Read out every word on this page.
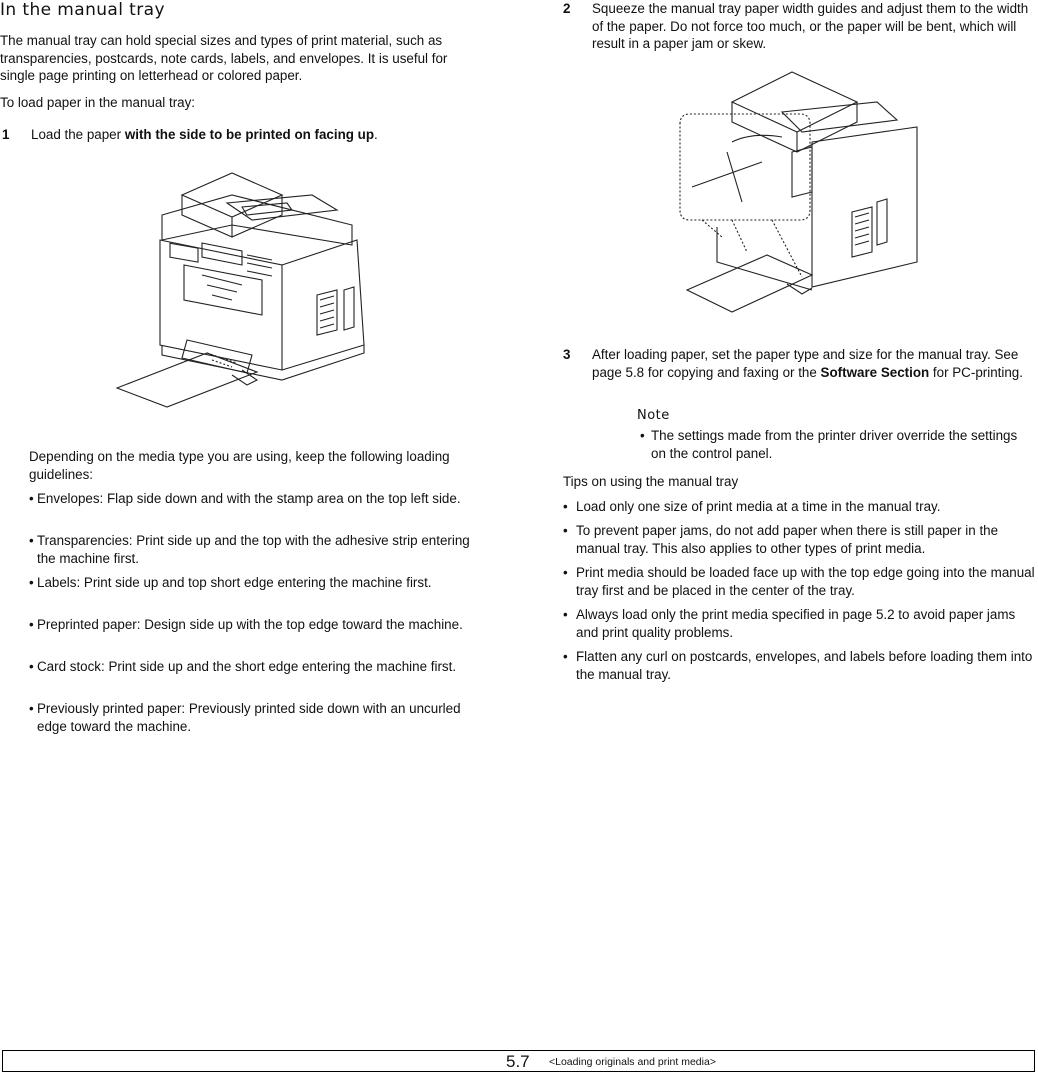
In the manual tray

The manual tray can hold special sizes and types of print material, such as transparencies, postcards, note cards, labels, and envelopes. It is useful for single page printing on letterhead or colored paper.

To load paper in the manual tray:

1 Load the paper with the side to be printed on facing up.

Depending on the media type you are using, keep the following loading guidelines:

• Envelopes: Flap side down and with the stamp area on the top left side.
• Transparencies: Print side up and the top with the adhesive strip entering the machine first.
• Labels: Print side up and top short edge entering the machine first.
• Preprinted paper: Design side up with the top edge toward the machine.
• Card stock: Print side up and the short edge entering the machine first.
• Previously printed paper: Previously printed side down with an uncurled edge toward the machine.
2 Squeeze the manual tray paper width guides and adjust them to the width of the paper. Do not force too much, or the paper will be bent, which will result in a paper jam or skew.
3 After loading paper, set the paper type and size for the manual tray. See page 5.8 for copying and faxing or the Software Section for PC-printing.
Note
• The settings made from the printer driver override the settings on the control panel.

Tips on using the manual tray

• Load only one size of print media at a time in the manual tray.
• To prevent paper jams, do not add paper when there is still paper in the manual tray. This also applies to other types of print media.
• Print media should be loaded face up with the top edge going into the manual tray first and be placed in the center of the tray.
• Always load only the print media specified in page 5.2 to avoid paper jams and print quality problems.
• Flatten any curl on postcards, envelopes, and labels before loading them into the manual tray.
5.7 <Loading originals and print media>
